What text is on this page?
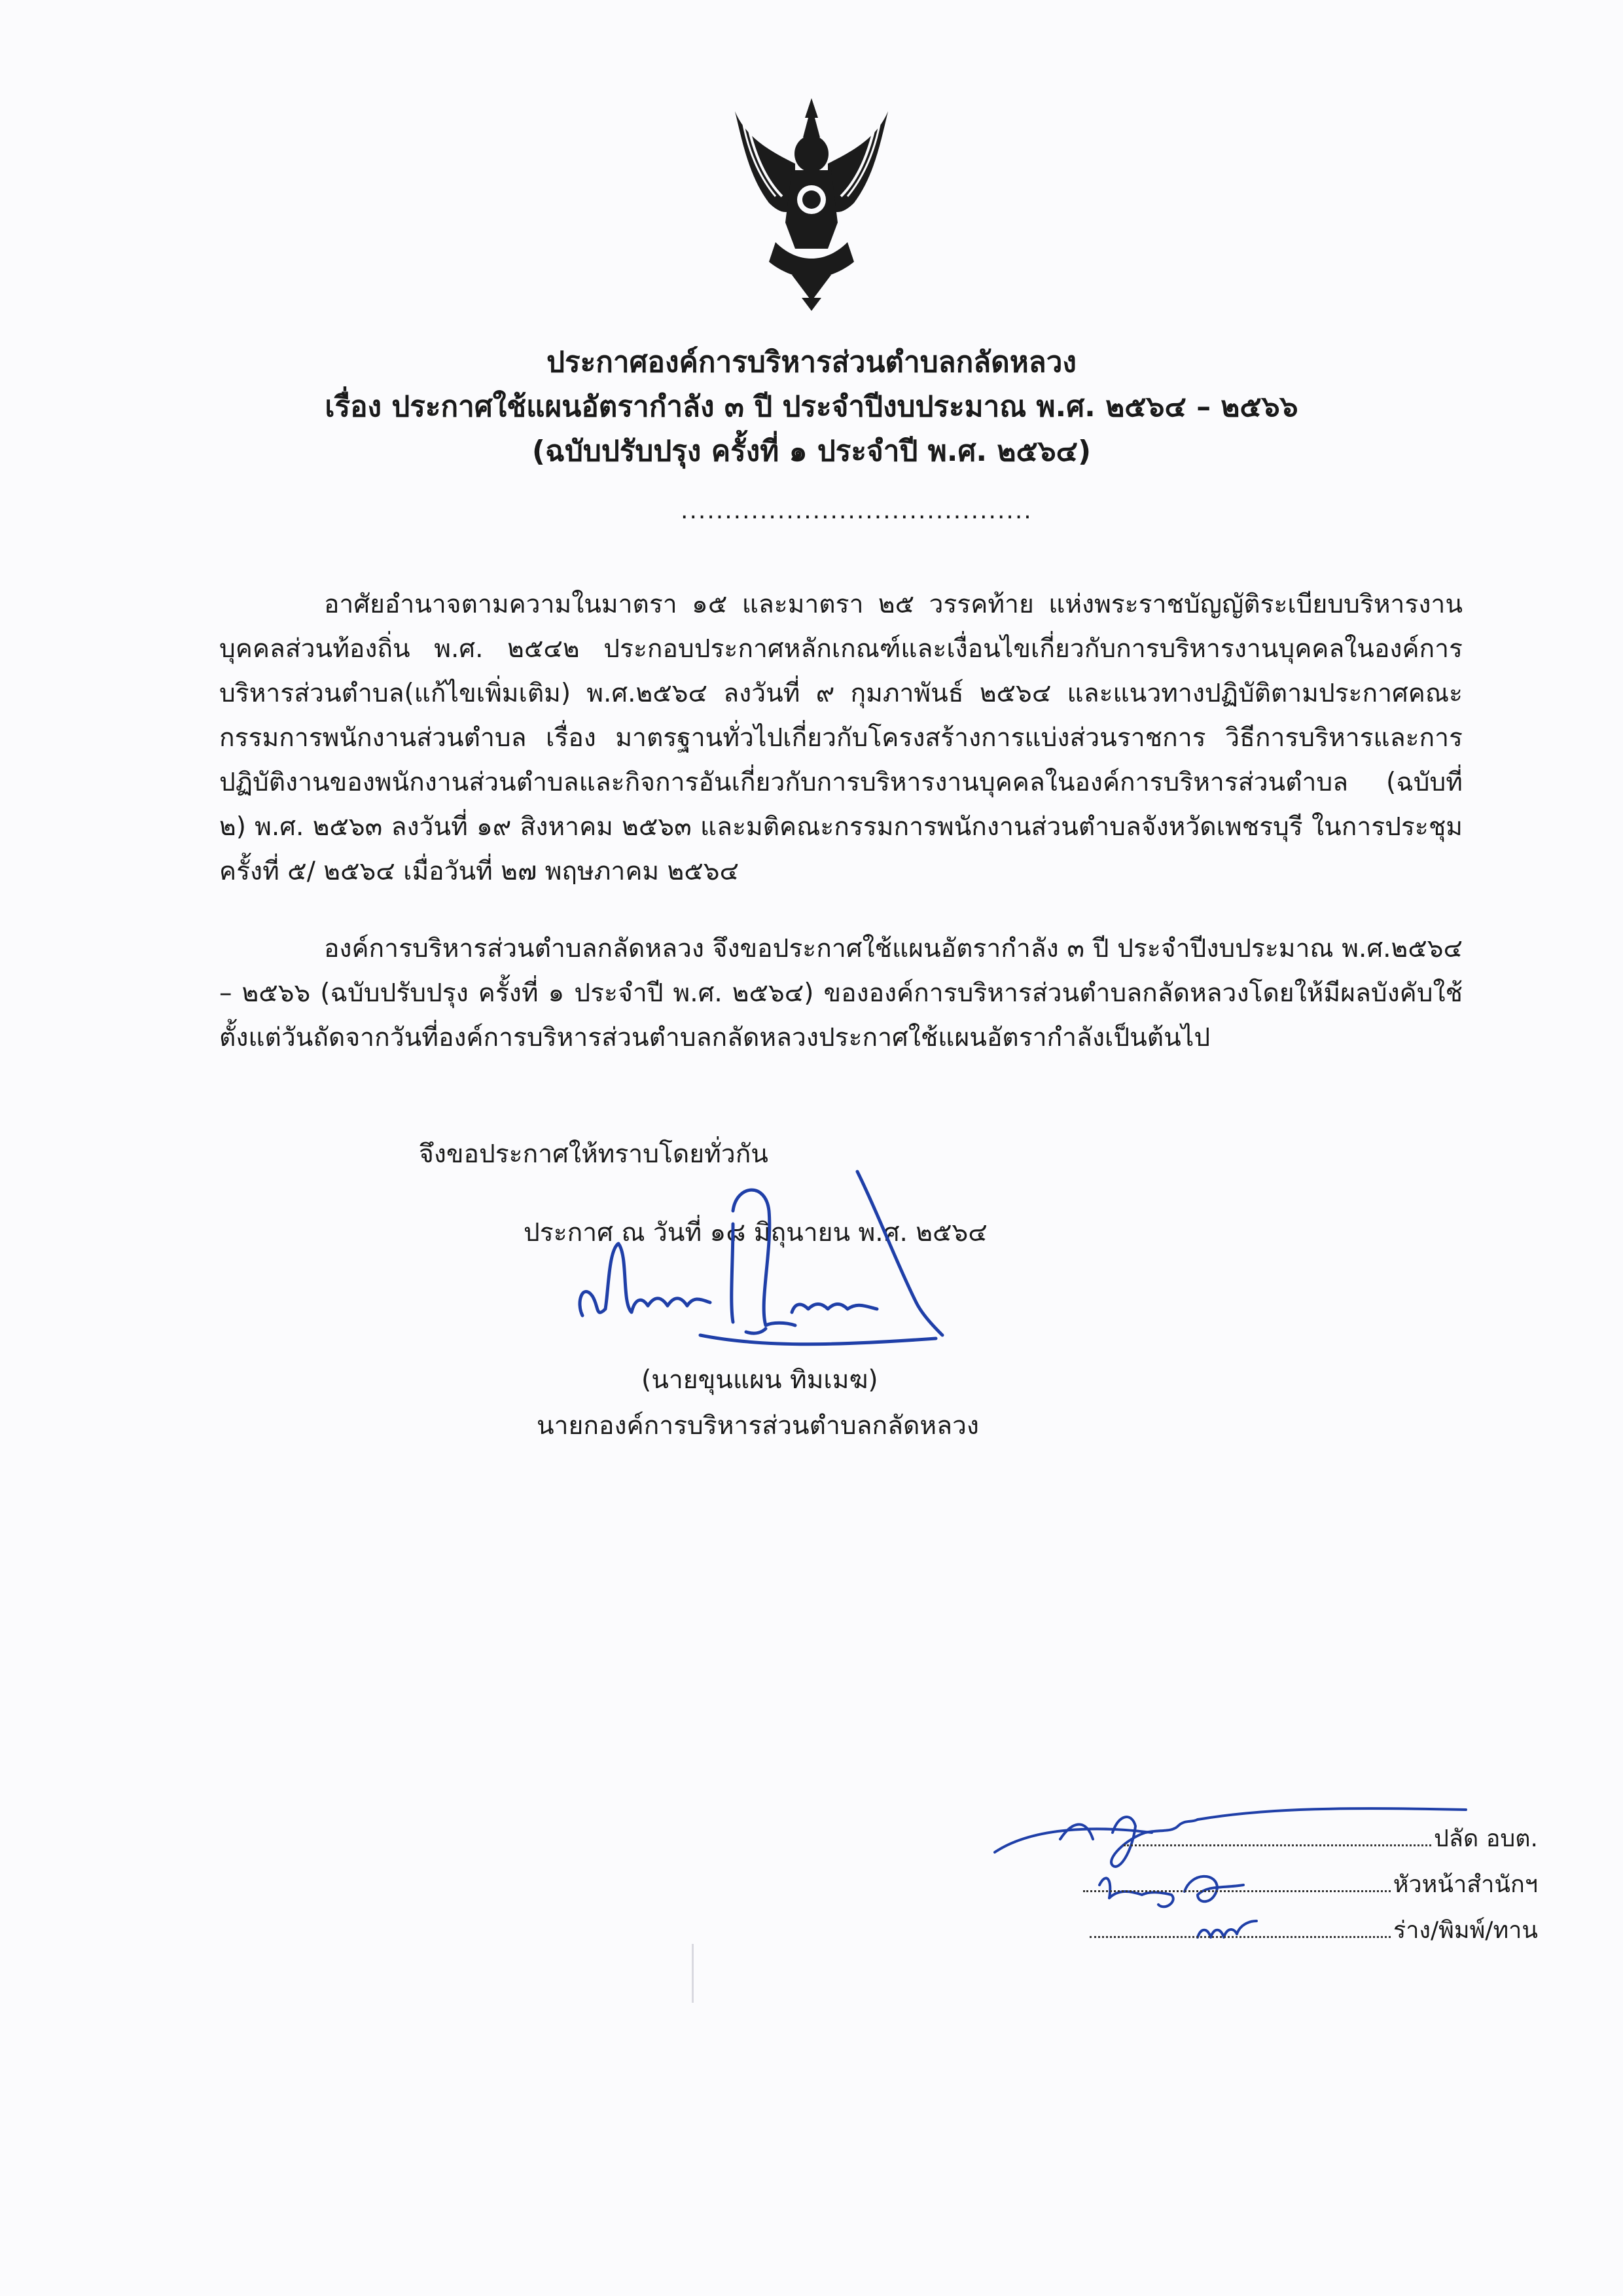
ประกาศองค์การบริหารส่วนตำบลกลัดหลวง
เรื่อง ประกาศใช้แผนอัตรากำลัง ๓ ปี ประจำปีงบประมาณ พ.ศ. ๒๕๖๔ – ๒๕๖๖
(ฉบับปรับปรุง ครั้งที่ ๑ ประจำปี พ.ศ. ๒๕๖๔)
........................................
อาศัยอำนาจตามความในมาตรา ๑๕ และมาตรา ๒๕ วรรคท้าย แห่งพระราชบัญญัติระเบียบบริหารงานบุคคลส่วนท้องถิ่น พ.ศ. ๒๕๔๒ ประกอบประกาศหลักเกณฑ์และเงื่อนไขเกี่ยวกับการบริหารงานบุคคลในองค์การบริหารส่วนตำบล(แก้ไขเพิ่มเติม) พ.ศ.๒๕๖๔ ลงวันที่ ๙ กุมภาพันธ์ ๒๕๖๔ และแนวทางปฏิบัติตามประกาศคณะกรรมการพนักงานส่วนตำบล เรื่อง มาตรฐานทั่วไปเกี่ยวกับโครงสร้างการแบ่งส่วนราชการ วิธีการบริหารและการปฏิบัติงานของพนักงานส่วนตำบลและกิจการอันเกี่ยวกับการบริหารงานบุคคลในองค์การบริหารส่วนตำบล (ฉบับที่ ๒) พ.ศ. ๒๕๖๓ ลงวันที่ ๑๙ สิงหาคม ๒๕๖๓ และมติคณะกรรมการพนักงานส่วนตำบลจังหวัดเพชรบุรี ในการประชุมครั้งที่ ๕/ ๒๕๖๔ เมื่อวันที่ ๒๗ พฤษภาคม ๒๕๖๔
องค์การบริหารส่วนตำบลกลัดหลวง จึงขอประกาศใช้แผนอัตรากำลัง ๓ ปี ประจำปีงบประมาณ พ.ศ.๒๕๖๔ – ๒๕๖๖ (ฉบับปรับปรุง ครั้งที่ ๑ ประจำปี พ.ศ. ๒๕๖๔) ขององค์การบริหารส่วนตำบลกลัดหลวงโดยให้มีผลบังคับใช้ตั้งแต่วันถัดจากวันที่องค์การบริหารส่วนตำบลกลัดหลวงประกาศใช้แผนอัตรากำลังเป็นต้นไป
จึงขอประกาศให้ทราบโดยทั่วกัน
ประกาศ ณ วันที่ ๑๘ มิถุนายน พ.ศ. ๒๕๖๔
(นายขุนแผน ทิมเมฆ)
นายกองค์การบริหารส่วนตำบลกลัดหลวง
ปลัด อบต.
หัวหน้าสำนักฯ
ร่าง/พิมพ์/ทาน
